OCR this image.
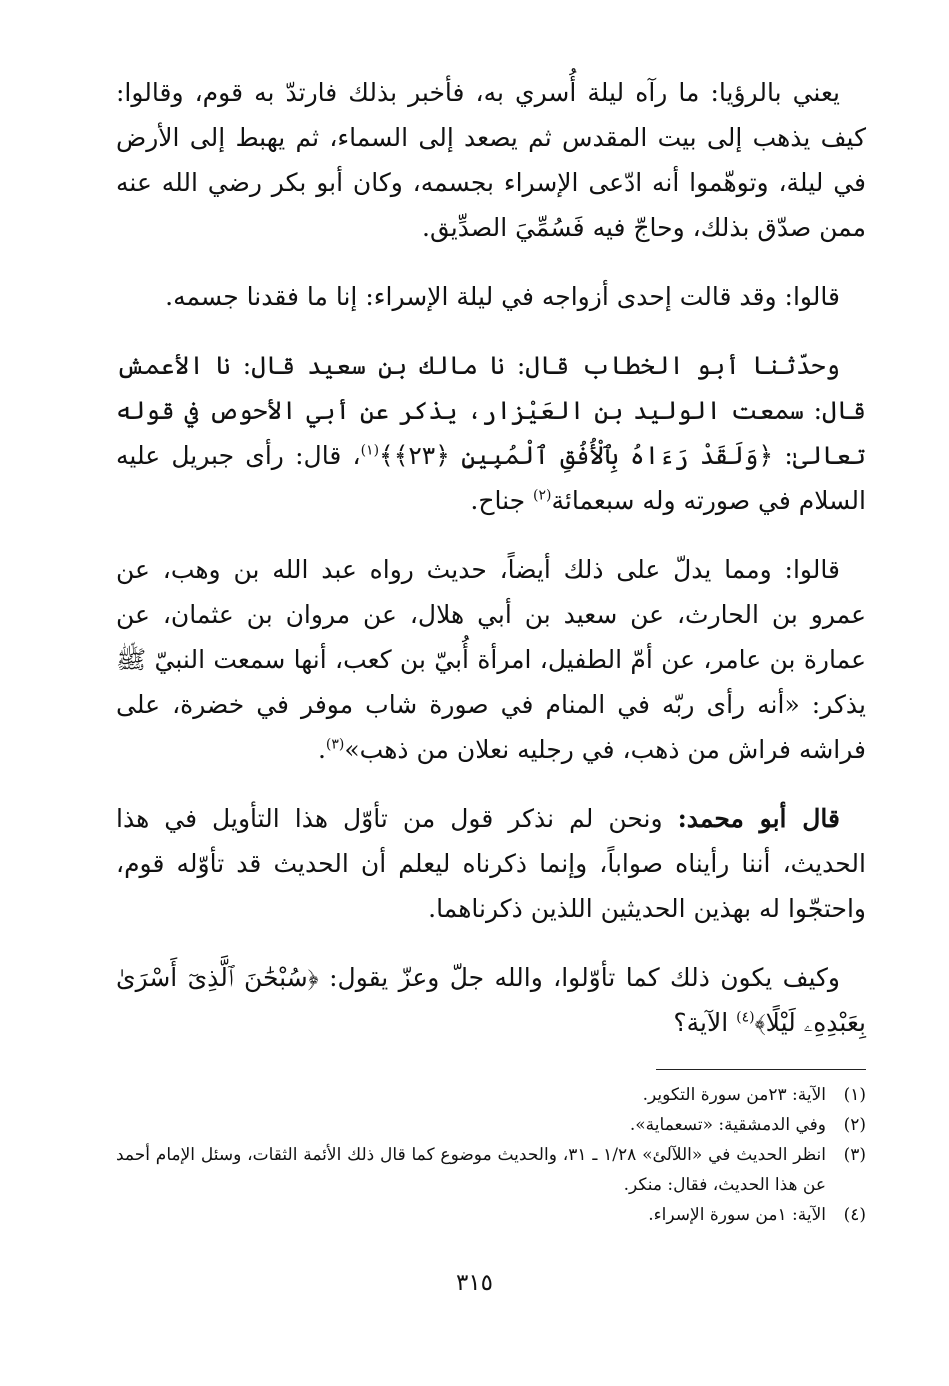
يعني بالرؤيا: ما رآه ليلة أُسري به، فأخبر بذلك فارتدّ به قوم، وقالوا: كيف يذهب إلى بيت المقدس ثم يصعد إلى السماء، ثم يهبط إلى الأرض في ليلة، وتوهّموا أنه ادّعى الإسراء بجسمه، وكان أبو بكر رضي الله عنه ممن صدّق بذلك، وحاجّ فيه فَسُمِّيَ الصدِّيق.

قالوا: وقد قالت إحدى أزواجه في ليلة الإسراء: إنا ما فقدنا جسمه.

وحدّثنا أبو الخطاب قال: نا مالك بن سعيد قال: نا الأعمش قال: سمعت الوليد بن العَيْزار، يذكر عن أبي الأحوص في قوله تعالىٰ: ﴿وَلَقَدْ رَءَاهُ بِٱلْأُفُقِ ٱلْمُبِينِ ﴿٢٣﴾﴾$^{(١)}$، قال: رأى جبريل عليه السلام في صورته وله سبعمائة$^{(٢)}$ جناح.

قالوا: ومما يدلّ على ذلك أيضاً، حديث رواه عبد الله بن وهب، عن عمرو بن الحارث، عن سعيد بن أبي هلال، عن مروان بن عثمان، عن عمارة بن عامر، عن أمّ الطفيل، امرأة أُبيّ بن كعب، أنها سمعت النبيّ ﷺ يذكر: «أنه رأى ربّه في المنام في صورة شاب موفر في خضرة، على فراشه فراش من ذهب، في رجليه نعلان من ذهب»$^{(٣)}$.

قال أبو محمد: ونحن لم نذكر قول من تأوّل هذا التأويل في هذا الحديث، أننا رأيناه صواباً، وإنما ذكرناه ليعلم أن الحديث قد تأوّله قوم، واحتجّوا له بهذين الحديثين اللذين ذكرناهما.

وكيف يكون ذلك كما تأوّلوا، والله جلّ وعزّ يقول: ﴿سُبْحَٰنَ ٱلَّذِىٓ أَسْرَىٰ بِعَبْدِهِۦ لَيْلًا﴾$^{(٤)}$ الآية؟

(١)
الآية: ٢٣من سورة التكوير.
(٢)
وفي الدمشقية: «تسعماية».
(٣)
انظر الحديث في «اللآلئ» ١/٢٨ ـ ٣١، والحديث موضوع كما قال ذلك الأئمة الثقات، وسئل الإمام أحمد عن هذا الحديث، فقال: منكر.
(٤)
الآية: ١من سورة الإسراء.
٣١٥
